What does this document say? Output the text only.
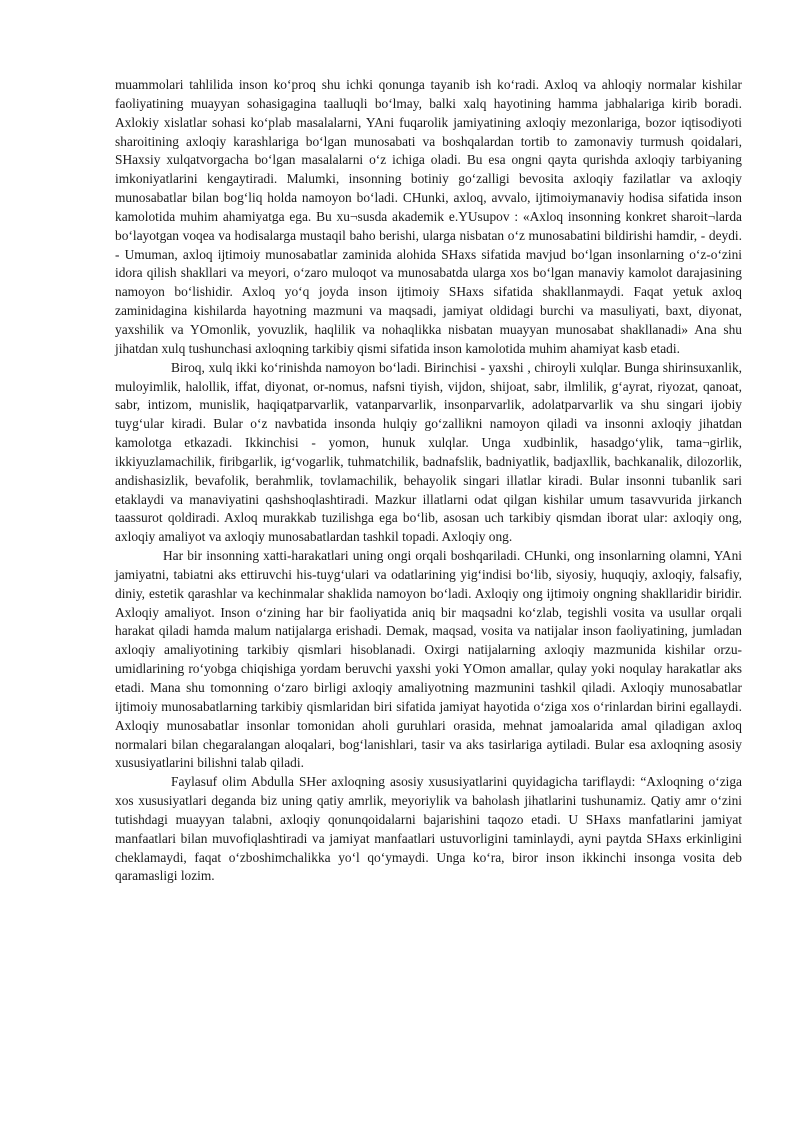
muammolari tahlilida inson ko‘proq shu ichki qonunga tayanib ish ko‘radi. Axloq va ahloqiy normalar kishilar faoliyatining muayyan sohasigagina taalluqli bo‘lmay, balki xalq hayotining hamma jabhalariga kirib boradi. Axlokiy xislatlar sohasi ko‘plab masalalarni, YAni fuqarolik jamiyatining axloqiy mezonlariga, bozor iqtisodiyoti sharoitining axloqiy karashlariga bo‘lgan munosabati va boshqalardan tortib to zamonaviy turmush qoidalari, SHaxsiy xulqatvorgacha bo‘lgan masalalarni o‘z ichiga oladi. Bu esa ongni qayta qurishda axloqiy tarbiyaning imkoniyatlarini kengaytiradi. Malumki, insonning botiniy go‘zalligi bevosita axloqiy fazilatlar va axloqiy munosabatlar bilan bog‘liq holda namoyon bo‘ladi. CHunki, axloq, avvalo, ijtimoiymanaviy hodisa sifatida inson kamolotida muhim ahamiyatga ega. Bu xu¬susda akademik e.YUsupov : «Axloq insonning konkret sharoit¬larda bo‘layotgan voqea va hodisalarga mustaqil baho berishi, ularga nisbatan o‘z munosabatini bildirishi hamdir, - deydi. - Umuman, axloq ijtimoiy munosabatlar zaminida alohida SHaxs sifatida mavjud bo‘lgan insonlarning o‘z-o‘zini idora qilish shakllari va meyori, o‘zaro muloqot va munosabatda ularga xos bo‘lgan manaviy kamolot darajasining namoyon bo‘lishidir. Axloq yo‘q joyda inson ijtimoiy SHaxs sifatida shakllanmaydi. Faqat yetuk axloq zaminidagina kishilarda hayotning mazmuni va maqsadi, jamiyat oldidagi burchi va masuliyati, baxt, diyonat, yaxshilik va YOmonlik, yovuzlik, haqlilik va nohaqlikka nisbatan muayyan munosabat shakllanadi» Ana shu jihatdan xulq tushunchasi axloqning tarkibiy qismi sifatida inson kamolotida muhim ahamiyat kasb etadi.

Biroq, xulq ikki ko‘rinishda namoyon bo‘ladi. Birinchisi - yaxshi , chiroyli xulqlar. Bunga shirinsuxanlik, muloyimlik, halollik, iffat, diyonat, or-nomus, nafsni tiyish, vijdon, shijoat, sabr, ilmlilik, g‘ayrat, riyozat, qanoat, sabr, intizom, munislik, haqiqatparvarlik, vatanparvarlik, insonparvarlik, adolatparvarlik va shu singari ijobiy tuyg‘ular kiradi. Bular o‘z navbatida insonda hulqiy go‘zallikni namoyon qiladi va insonni axloqiy jihatdan kamolotga etkazadi. Ikkinchisi - yomon, hunuk xulqlar. Unga xudbinlik, hasadgo‘ylik, tama¬girlik, ikkiyuzlamachilik, firibgarlik, ig‘vogarlik, tuhmatchilik, badnafslik, badniyatlik, badjaxllik, bachkanalik, dilozorlik, andishasizlik, bevafolik, berahmlik, tovlamachilik, behayolik singari illatlar kiradi. Bular insonni tubanlik sari etaklaydi va manaviyatini qashshoqlashtiradi. Mazkur illatlarni odat qilgan kishilar umum tasavvurida jirkanch taassurot qoldiradi. Axloq murakkab tuzilishga ega bo‘lib, asosan uch tarkibiy qismdan iborat ular: axloqiy ong, axloqiy amaliyot va axloqiy munosabatlardan tashkil topadi. Axloqiy ong.

Har bir insonning xatti-harakatlari uning ongi orqali boshqariladi. CHunki, ong insonlarning olamni, YAni jamiyatni, tabiatni aks ettiruvchi his-tuyg‘ulari va odatlarining yig‘indisi bo‘lib, siyosiy, huquqiy, axloqiy, falsafiy, diniy, estetik qarashlar va kechinmalar shaklida namoyon bo‘ladi. Axloqiy ong ijtimoiy ongning shakllaridir biridir. Axloqiy amaliyot. Inson o‘zining har bir faoliyatida aniq bir maqsadni ko‘zlab, tegishli vosita va usullar orqali harakat qiladi hamda malum natijalarga erishadi. Demak, maqsad, vosita va natijalar inson faoliyatining, jumladan axloqiy amaliyotining tarkibiy qismlari hisoblanadi. Oxirgi natijalarning axloqiy mazmunida kishilar orzu-umidlarining ro‘yobga chiqishiga yordam beruvchi yaxshi yoki YOmon amallar, qulay yoki noqulay harakatlar aks etadi. Mana shu tomonning o‘zaro birligi axloqiy amaliyotning mazmunini tashkil qiladi. Axloqiy munosabatlar ijtimoiy munosabatlarning tarkibiy qismlaridan biri sifatida jamiyat hayotida o‘ziga xos o‘rinlardan birini egallaydi. Axloqiy munosabatlar insonlar tomonidan aholi guruhlari orasida, mehnat jamoalarida amal qiladigan axloq normalari bilan chegaralangan aloqalari, bog‘lanishlari, tasir va aks tasirlariga aytiladi. Bular esa axloqning asosiy xususiyatlarini bilishni talab qiladi.

Faylasuf olim Abdulla SHer axloqning asosiy xususiyatlarini quyidagicha tariflaydi: “Axloqning o‘ziga xos xususiyatlari deganda biz uning qatiy amrlik, meyoriylik va baholash jihatlarini tushunamiz. Qatiy amr o‘zini tutishdagi muayyan talabni, axloqiy qonunqoidalarni bajarishini taqozo etadi. U SHaxs manfatlarini jamiyat manfaatlari bilan muvofiqlashtiradi va jamiyat manfaatlari ustuvorligini taminlaydi, ayni paytda SHaxs erkinligini cheklamaydi, faqat o‘zboshimchalikka yo‘l qo‘ymaydi. Unga ko‘ra, biror inson ikkinchi insonga vosita deb qaramasligi lozim.
